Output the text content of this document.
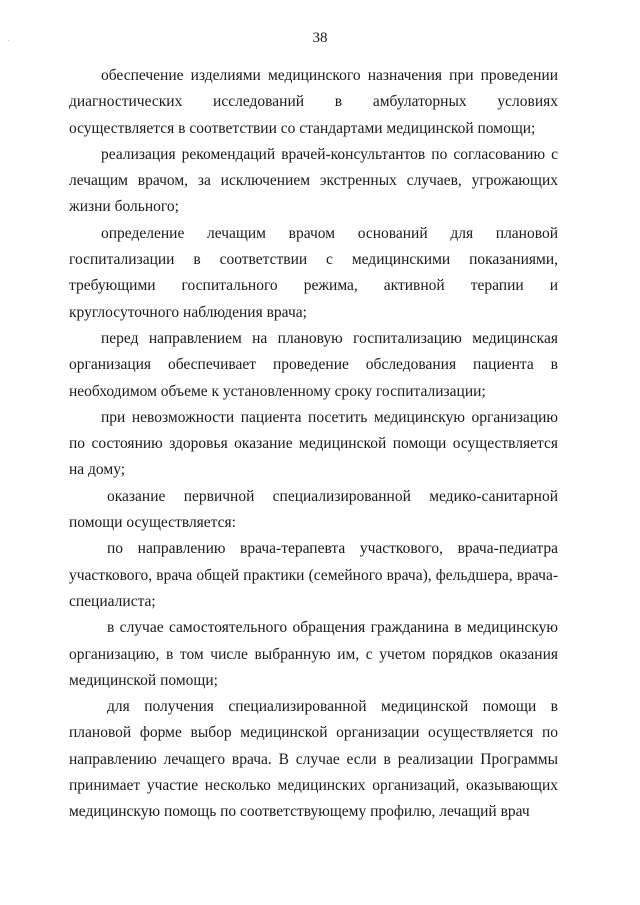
38

обеспечение изделиями медицинского назначения при проведении диагностических исследований в амбулаторных условиях осуществляется в соответствии со стандартами медицинской помощи;

реализация рекомендаций врачей-консультантов по согласованию с лечащим врачом, за исключением экстренных случаев, угрожающих жизни больного;

определение лечащим врачом оснований для плановой госпитализации в соответствии с медицинскими показаниями, требующими госпитального режима, активной терапии и круглосуточного наблюдения врача;

перед направлением на плановую госпитализацию медицинская организация обеспечивает проведение обследования пациента в необходимом объеме к установленному сроку госпитализации;

при невозможности пациента посетить медицинскую организацию по состоянию здоровья оказание медицинской помощи осуществляется на дому;

оказание первичной специализированной медико-санитарной помощи осуществляется:

по направлению врача-терапевта участкового, врача-педиатра участкового, врача общей практики (семейного врача), фельдшера, врача-специалиста;

в случае самостоятельного обращения гражданина в медицинскую организацию, в том числе выбранную им, с учетом порядков оказания медицинской помощи;

для получения специализированной медицинской помощи в плановой форме выбор медицинской организации осуществляется по направлению лечащего врача. В случае если в реализации Программы принимает участие несколько медицинских организаций, оказывающих медицинскую помощь по соответствующему профилю, лечащий врач
